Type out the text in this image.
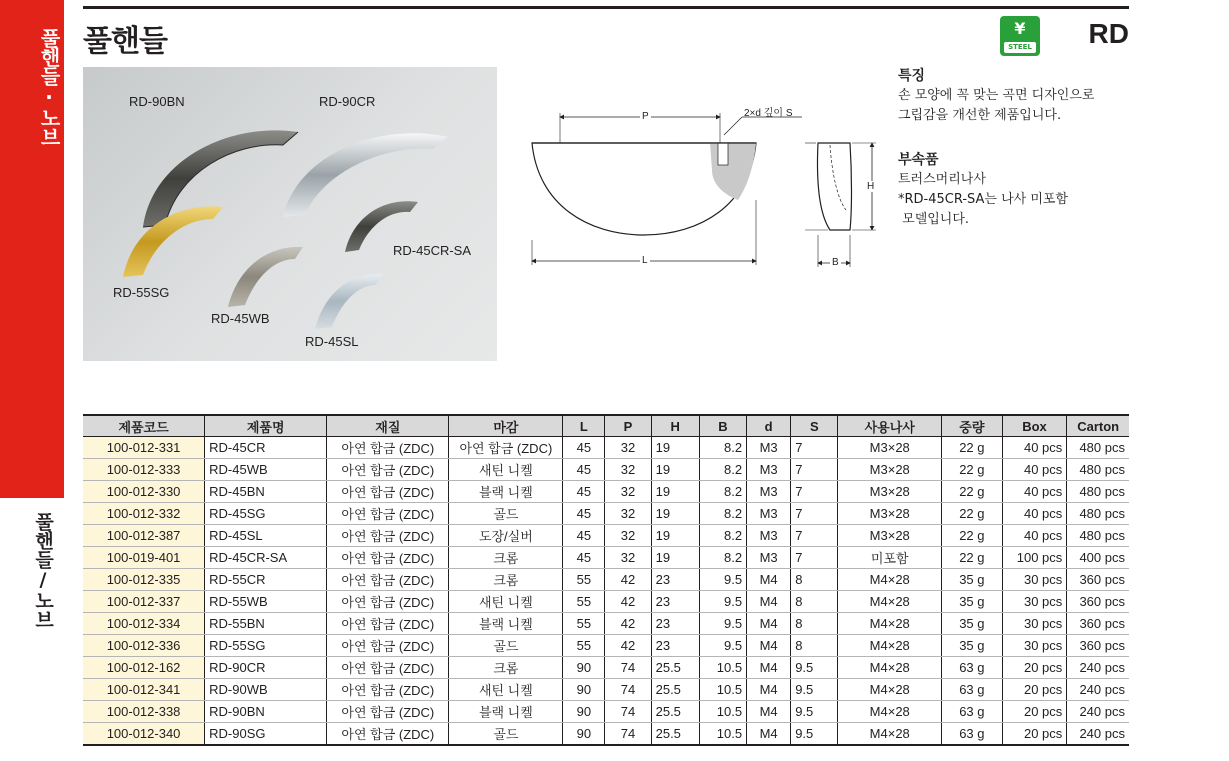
풀핸들·노브
풀핸들/노브
풀핸들	¥
STEEL RD
RD-90BN	RD-90CR
RD-45CR-SA
RD-55SG
RD-45WB
RD-45SL
2×d 깊이 S
P
L
H
B
특징
손 모양에 꼭 맞는 곡면 디자인으로
그립감을 개선한 제품입니다.
부속품
트러스머리나사
*RD-45CR-SA는 나사 미포함
모델입니다.
제품코드	제품명	재질	마감	L	P	H	B	d	S	사용나사	중량	Box	Carton
100-012-331	RD-45CR	아연 합금 (ZDC)	아연 합금 (ZDC)	45	32	19	8.2	M3	7	M3×28	22 g	40 pcs	480 pcs
100-012-333	RD-45WB	아연 합금 (ZDC)	새틴 니켈	45	32	19	8.2	M3	7	M3×28	22 g	40 pcs	480 pcs
100-012-330	RD-45BN	아연 합금 (ZDC)	블랙 니켈	45	32	19	8.2	M3	7	M3×28	22 g	40 pcs	480 pcs
100-012-332	RD-45SG	아연 합금 (ZDC)	골드	45	32	19	8.2	M3	7	M3×28	22 g	40 pcs	480 pcs
100-012-387	RD-45SL	아연 합금 (ZDC)	도장/실버	45	32	19	8.2	M3	7	M3×28	22 g	40 pcs	480 pcs
100-019-401	RD-45CR-SA	아연 합금 (ZDC)	크롬	45	32	19	8.2	M3	7	미포함	22 g	100 pcs	400 pcs
100-012-335	RD-55CR	아연 합금 (ZDC)	크롬	55	42	23	9.5	M4	8	M4×28	35 g	30 pcs	360 pcs
100-012-337	RD-55WB	아연 합금 (ZDC)	새틴 니켈	55	42	23	9.5	M4	8	M4×28	35 g	30 pcs	360 pcs
100-012-334	RD-55BN	아연 합금 (ZDC)	블랙 니켈	55	42	23	9.5	M4	8	M4×28	35 g	30 pcs	360 pcs
100-012-336	RD-55SG	아연 합금 (ZDC)	골드	55	42	23	9.5	M4	8	M4×28	35 g	30 pcs	360 pcs
100-012-162	RD-90CR	아연 합금 (ZDC)	크롬	90	74	25.5	10.5	M4	9.5	M4×28	63 g	20 pcs	240 pcs
100-012-341	RD-90WB	아연 합금 (ZDC)	새틴 니켈	90	74	25.5	10.5	M4	9.5	M4×28	63 g	20 pcs	240 pcs
100-012-338	RD-90BN	아연 합금 (ZDC)	블랙 니켈	90	74	25.5	10.5	M4	9.5	M4×28	63 g	20 pcs	240 pcs
100-012-340	RD-90SG	아연 합금 (ZDC)	골드	90	74	25.5	10.5	M4	9.5	M4×28	63 g	20 pcs	240 pcs
